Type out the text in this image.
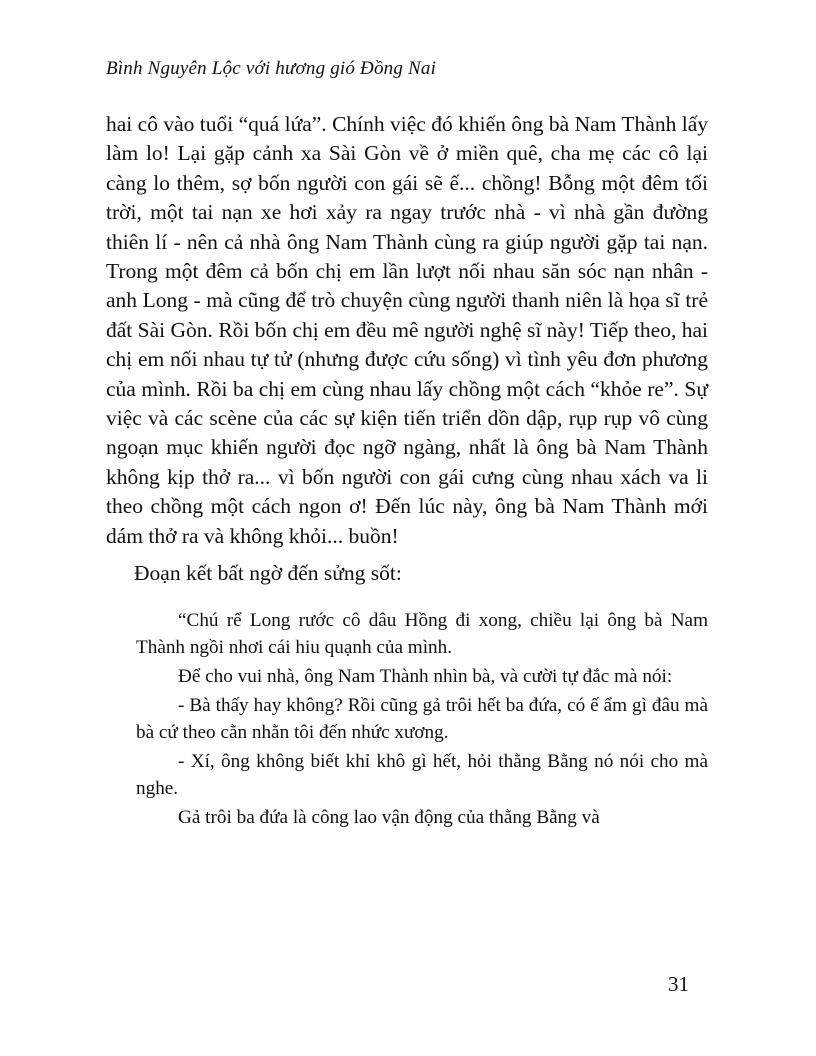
Bình Nguyên Lộc với hương gió Đồng Nai

hai cô vào tuổi “quá lứa”. Chính việc đó khiến ông bà Nam Thành lấy làm lo! Lại gặp cảnh xa Sài Gòn về ở miền quê, cha mẹ các cô lại càng lo thêm, sợ bốn người con gái sẽ ế... chồng! Bỗng một đêm tối trời, một tai nạn xe hơi xảy ra ngay trước nhà - vì nhà gần đường thiên lí - nên cả nhà ông Nam Thành cùng ra giúp người gặp tai nạn. Trong một đêm cả bốn chị em lần lượt nối nhau săn sóc nạn nhân - anh Long - mà cũng để trò chuyện cùng người thanh niên là họa sĩ trẻ đất Sài Gòn. Rồi bốn chị em đều mê người nghệ sĩ này! Tiếp theo, hai chị em nối nhau tự tử (nhưng được cứu sống) vì tình yêu đơn phương của mình. Rồi ba chị em cùng nhau lấy chồng một cách “khỏe re”. Sự việc và các scène của các sự kiện tiến triển dồn dập, rụp rụp vô cùng ngoạn mục khiến người đọc ngỡ ngàng, nhất là ông bà Nam Thành không kịp thở ra... vì bốn người con gái cưng cùng nhau xách va li theo chồng một cách ngon ơ! Đến lúc này, ông bà Nam Thành mới dám thở ra và không khỏi... buồn!

Đoạn kết bất ngờ đến sửng sốt:

“Chú rể Long rước cô dâu Hồng đi xong, chiều lại ông bà Nam Thành ngồi nhơi cái hiu quạnh của mình.

Để cho vui nhà, ông Nam Thành nhìn bà, và cười tự đắc mà nói:

- Bà thấy hay không? Rồi cũng gả trôi hết ba đứa, có ế ẩm gì đâu mà bà cứ theo cằn nhằn tôi đến nhức xương.

- Xí, ông không biết khỉ khô gì hết, hỏi thằng Bằng nó nói cho mà nghe.

Gả trôi ba đứa là công lao vận động của thằng Bằng và

31
